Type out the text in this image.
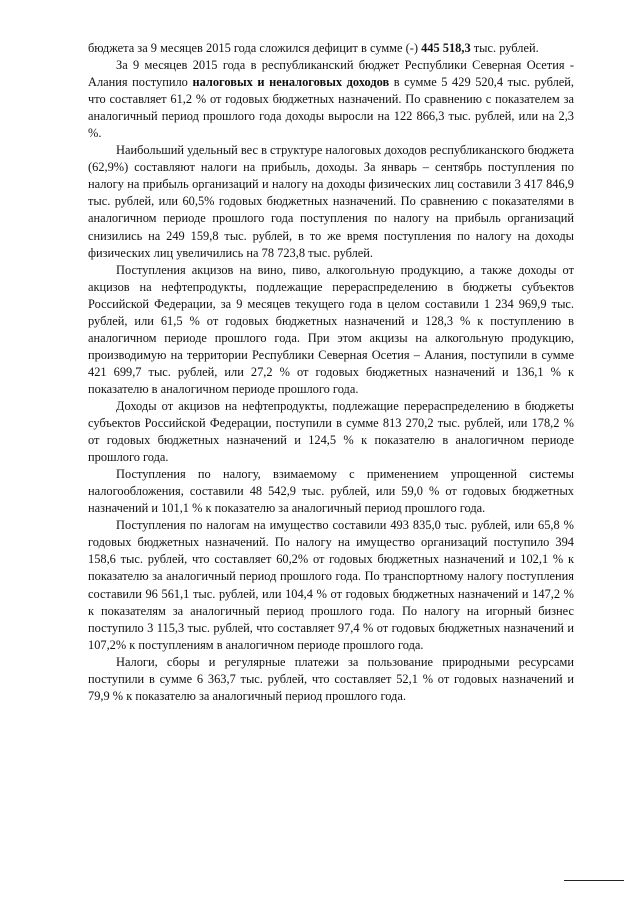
бюджета за 9 месяцев 2015 года сложился дефицит в сумме (-) 445 518,3 тыс. рублей.

За 9 месяцев 2015 года в республиканский бюджет Республики Северная Осетия - Алания поступило налоговых и неналоговых доходов в сумме 5 429 520,4 тыс. рублей, что составляет 61,2 % от годовых бюджетных назначений. По сравнению с показателем за аналогичный период прошлого года доходы выросли на 122 866,3 тыс. рублей, или на 2,3 %.

Наибольший удельный вес в структуре налоговых доходов республиканского бюджета (62,9%) составляют налоги на прибыль, доходы. За январь – сентябрь поступления по налогу на прибыль организаций и налогу на доходы физических лиц составили 3 417 846,9 тыс. рублей, или 60,5% годовых бюджетных назначений. По сравнению с показателями в аналогичном периоде прошлого года поступления по налогу на прибыль организаций снизились на 249 159,8 тыс. рублей, в то же время поступления по налогу на доходы физических лиц увеличились на 78 723,8 тыс. рублей.

Поступления акцизов на вино, пиво, алкогольную продукцию, а также доходы от акцизов на нефтепродукты, подлежащие перераспределению в бюджеты субъектов Российской Федерации, за 9 месяцев текущего года в целом составили 1 234 969,9 тыс. рублей, или 61,5 % от годовых бюджетных назначений и 128,3 % к поступлению в аналогичном периоде прошлого года. При этом акцизы на алкогольную продукцию, производимую на территории Республики Северная Осетия – Алания, поступили в сумме 421 699,7 тыс. рублей, или 27,2 % от годовых бюджетных назначений и 136,1 % к показателю в аналогичном периоде прошлого года.

Доходы от акцизов на нефтепродукты, подлежащие перераспределению в бюджеты субъектов Российской Федерации, поступили в сумме 813 270,2 тыс. рублей, или 178,2 % от годовых бюджетных назначений и 124,5 % к показателю в аналогичном периоде прошлого года.

Поступления по налогу, взимаемому с применением упрощенной системы налогообложения, составили 48 542,9 тыс. рублей, или 59,0 % от годовых бюджетных назначений и 101,1 % к показателю за аналогичный период прошлого года.

Поступления по налогам на имущество составили 493 835,0 тыс. рублей, или 65,8 % годовых бюджетных назначений. По налогу на имущество организаций поступило 394 158,6 тыс. рублей, что составляет 60,2% от годовых бюджетных назначений и 102,1 % к показателю за аналогичный период прошлого года. По транспортному налогу поступления составили 96 561,1 тыс. рублей, или 104,4 % от годовых бюджетных назначений и 147,2 % к показателям за аналогичный период прошлого года. По налогу на игорный бизнес поступило 3 115,3 тыс. рублей, что составляет 97,4 % от годовых бюджетных назначений и 107,2% к поступлениям в аналогичном периоде прошлого года.

Налоги, сборы и регулярные платежи за пользование природными ресурсами поступили в сумме 6 363,7 тыс. рублей, что составляет 52,1 % от годовых назначений и 79,9 % к показателю за аналогичный период прошлого года.
